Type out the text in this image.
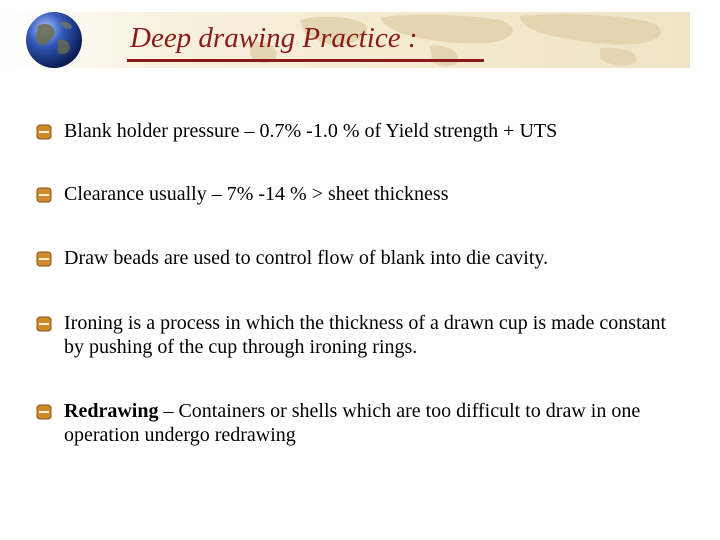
Deep drawing Practice :
Blank holder pressure – 0.7% -1.0 % of Yield strength + UTS
Clearance usually – 7% -14 % > sheet thickness
Draw beads are used to control flow of blank into die cavity.
Ironing is a process in which the thickness of a drawn cup is made constant by pushing of the cup through ironing rings.
Redrawing – Containers or shells which are too difficult to draw in one operation undergo redrawing
